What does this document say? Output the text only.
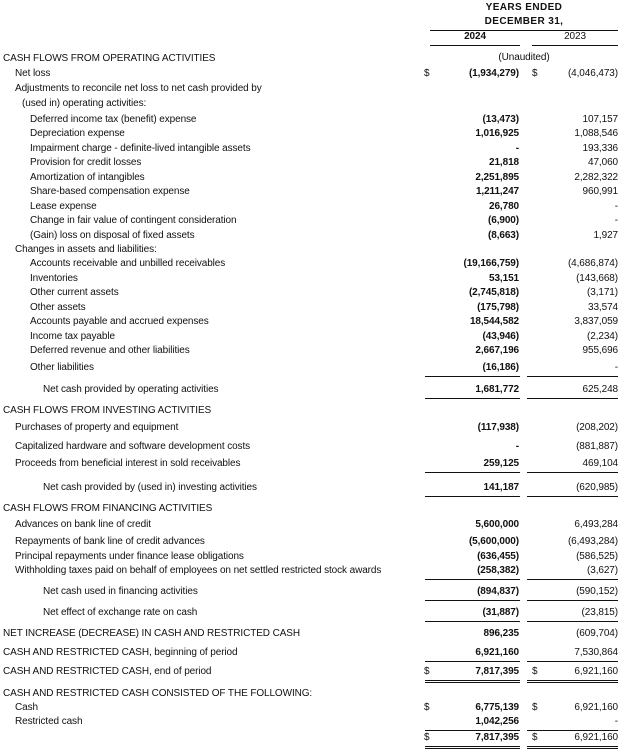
YEARS ENDED
DECEMBER 31,
2024	2023
(Unaudited)
CASH FLOWS FROM OPERATING ACTIVITIES
Net loss	$	(1,934,279) $	(4,046,473)
Adjustments to reconcile net loss to net cash provided by
(used in) operating activities:
Deferred income tax (benefit) expense	(13,473)	107,157
Depreciation expense	1,016,925	1,088,546
Impairment charge - definite-lived intangible assets	-	193,336
Provision for credit losses	21,818	47,060
Amortization of intangibles	2,251,895	2,282,322
Share-based compensation expense	1,211,247	960,991
Lease expense	26,780	-
Change in fair value of contingent consideration	(6,900)	-
(Gain) loss on disposal of fixed assets	(8,663)	1,927
Changes in assets and liabilities:
Accounts receivable and unbilled receivables	(19,166,759)	(4,686,874)
Inventories	53,151	(143,668)
Other current assets	(2,745,818)	(3,171)
Other assets	(175,798)	33,574
Accounts payable and accrued expenses	18,544,582	3,837,059
Income tax payable	(43,946)	(2,234)
Deferred revenue and other liabilities	2,667,196	955,696
Other liabilities	(16,186)	-
Net cash provided by operating activities	1,681,772	625,248
CASH FLOWS FROM INVESTING ACTIVITIES
Purchases of property and equipment	(117,938)	(208,202)
Capitalized hardware and software development costs	-	(881,887)
Proceeds from beneficial interest in sold receivables	259,125	469,104
Net cash provided by (used in) investing activities	141,187	(620,985)
CASH FLOWS FROM FINANCING ACTIVITIES
Advances on bank line of credit	5,600,000	6,493,284
Repayments of bank line of credit advances	(5,600,000)	(6,493,284)
Principal repayments under finance lease obligations	(636,455)	(586,525)
Withholding taxes paid on behalf of employees on net settled restricted stock awards	(258,382)	(3,627)
Net cash used in financing activities	(894,837)	(590,152)
Net effect of exchange rate on cash	(31,887)	(23,815)
NET INCREASE (DECREASE) IN CASH AND RESTRICTED CASH	896,235	(609,704)
CASH AND RESTRICTED CASH, beginning of period	6,921,160	7,530,864
CASH AND RESTRICTED CASH, end of period	$	7,817,395 $	6,921,160
CASH AND RESTRICTED CASH CONSISTED OF THE FOLLOWING:
Cash	$	6,775,139 $	6,921,160
Restricted cash	1,042,256	-
$	7,817,395 $	6,921,160
